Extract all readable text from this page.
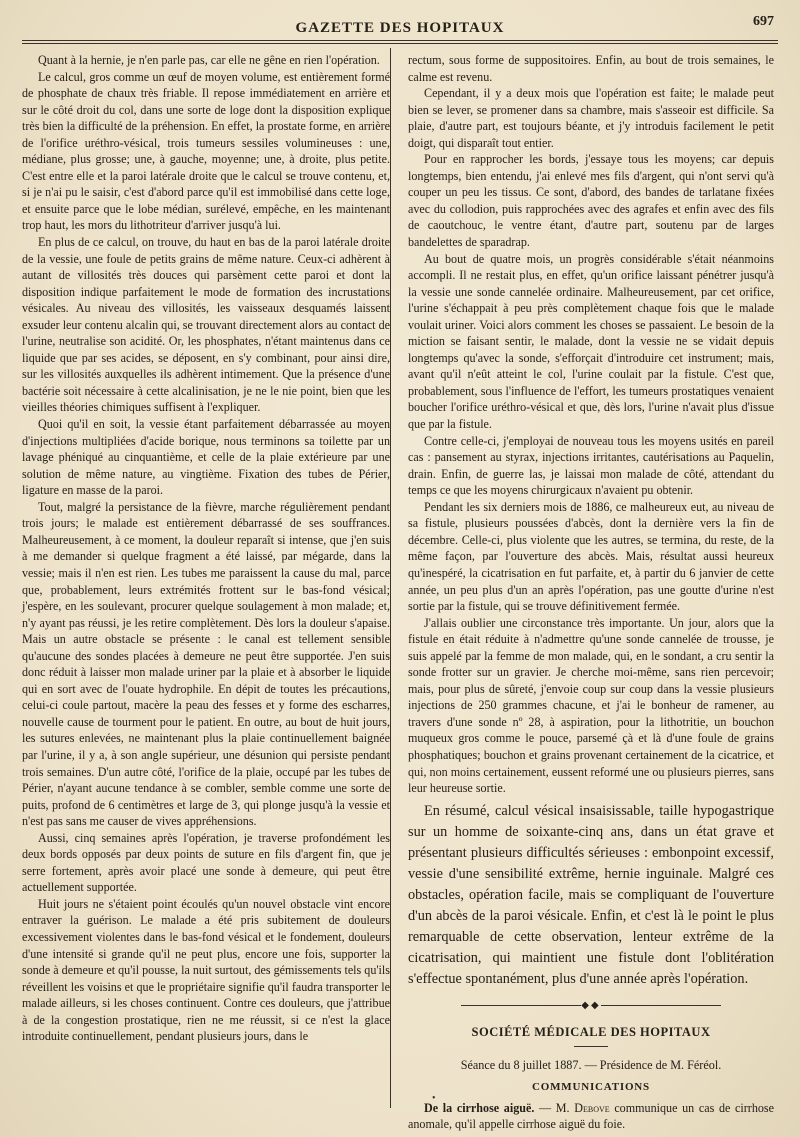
GAZETTE DES HOPITAUX	697

Quant à la hernie, je n'en parle pas, car elle ne gêne en rien l'opération.

Le calcul, gros comme un œuf de moyen volume, est entièrement formé de phosphate de chaux très friable. Il repose immédiatement en arrière et sur le côté droit du col, dans une sorte de loge dont la disposition explique très bien la difficulté de la préhension. En effet, la prostate forme, en arrière de l'orifice uréthro-vésical, trois tumeurs sessiles volumineuses : une, médiane, plus grosse; une, à gauche, moyenne; une, à droite, plus petite. C'est entre elle et la paroi latérale droite que le calcul se trouve contenu, et, si je n'ai pu le saisir, c'est d'abord parce qu'il est immobilisé dans cette loge, et ensuite parce que le lobe médian, surélevé, empêche, en les maintenant trop haut, les mors du lithotriteur d'arriver jusqu'à lui.

En plus de ce calcul, on trouve, du haut en bas de la paroi latérale droite de la vessie, une foule de petits grains de même nature. Ceux-ci adhèrent à autant de villosités très douces qui parsèment cette paroi et dont la disposition indique parfaitement le mode de formation des incrustations vésicales. Au niveau des villosités, les vaisseaux desquamés laissent exsuder leur contenu alcalin qui, se trouvant directement alors au contact de l'urine, neutralise son acidité. Or, les phosphates, n'étant maintenus dans ce liquide que par ses acides, se déposent, en s'y combinant, pour ainsi dire, sur les villosités auxquelles ils adhèrent intimement. Que la présence d'une bactérie soit nécessaire à cette alcalinisation, je ne le nie point, bien que les vieilles théories chimiques suffisent à l'expliquer.

Quoi qu'il en soit, la vessie étant parfaitement débarrassée au moyen d'injections multipliées d'acide borique, nous terminons sa toilette par un lavage phéniqué au cinquantième, et celle de la plaie extérieure par une solution de même nature, au vingtième. Fixation des tubes de Périer, ligature en masse de la paroi.

Tout, malgré la persistance de la fièvre, marche régulièrement pendant trois jours; le malade est entièrement débarrassé de ses souffrances. Malheureusement, à ce moment, la douleur reparaît si intense, que j'en suis à me demander si quelque fragment a été laissé, par mégarde, dans la vessie; mais il n'en est rien. Les tubes me paraissent la cause du mal, parce que, probablement, leurs extrémités frottent sur le bas-fond vésical; j'espère, en les soulevant, procurer quelque soulagement à mon malade; et, n'y ayant pas réussi, je les retire complètement. Dès lors la douleur s'apaise. Mais un autre obstacle se présente : le canal est tellement sensible qu'aucune des sondes placées à demeure ne peut être supportée. J'en suis donc réduit à laisser mon malade uriner par la plaie et à absorber le liquide qui en sort avec de l'ouate hydrophile. En dépit de toutes les précautions, celui-ci coule partout, macère la peau des fesses et y forme des escharres, nouvelle cause de tourment pour le patient. En outre, au bout de huit jours, les sutures enlevées, ne maintenant plus la plaie continuellement baignée par l'urine, il y a, à son angle supérieur, une désunion qui persiste pendant trois semaines. D'un autre côté, l'orifice de la plaie, occupé par les tubes de Périer, n'ayant aucune tendance à se combler, semble comme une sorte de puits, profond de 6 centimètres et large de 3, qui plonge jusqu'à la vessie et n'est pas sans me causer de vives appréhensions.

Aussi, cinq semaines après l'opération, je traverse profondément les deux bords opposés par deux points de suture en fils d'argent fin, que je serre fortement, après avoir placé une sonde à demeure, qui peut être actuellement supportée.

Huit jours ne s'étaient point écoulés qu'un nouvel obstacle vint encore entraver la guérison. Le malade a été pris subitement de douleurs excessivement violentes dans le bas-fond vésical et le fondement, douleurs d'une intensité si grande qu'il ne peut plus, encore une fois, supporter la sonde à demeure et qu'il pousse, la nuit surtout, des gémissements tels qu'ils réveillent les voisins et que le propriétaire signifie qu'il faudra transporter le malade ailleurs, si les choses continuent. Contre ces douleurs, que j'attribue à de la congestion prostatique, rien ne me réussit, si ce n'est la glace introduite continuellement, pendant plusieurs jours, dans le

rectum, sous forme de suppositoires. Enfin, au bout de trois semaines, le calme est revenu.

Cependant, il y a deux mois que l'opération est faite; le malade peut bien se lever, se promener dans sa chambre, mais s'asseoir est difficile. Sa plaie, d'autre part, est toujours béante, et j'y introduis facilement le petit doigt, qui disparaît tout entier.

Pour en rapprocher les bords, j'essaye tous les moyens; car depuis longtemps, bien entendu, j'ai enlevé mes fils d'argent, qui n'ont servi qu'à couper un peu les tissus. Ce sont, d'abord, des bandes de tarlatane fixées avec du collodion, puis rapprochées avec des agrafes et enfin avec des fils de caoutchouc, le ventre étant, d'autre part, soutenu par de larges bandelettes de sparadrap.

Au bout de quatre mois, un progrès considérable s'était néanmoins accompli. Il ne restait plus, en effet, qu'un orifice laissant pénétrer jusqu'à la vessie une sonde cannelée ordinaire. Malheureusement, par cet orifice, l'urine s'échappait à peu près complètement chaque fois que le malade voulait uriner. Voici alors comment les choses se passaient. Le besoin de la miction se faisant sentir, le malade, dont la vessie ne se vidait depuis longtemps qu'avec la sonde, s'efforçait d'introduire cet instrument; mais, avant qu'il n'eût atteint le col, l'urine coulait par la fistule. C'est que, probablement, sous l'influence de l'effort, les tumeurs prostatiques venaient boucher l'orifice uréthro-vésical et que, dès lors, l'urine n'avait plus d'issue que par la fistule.

Contre celle-ci, j'employai de nouveau tous les moyens usités en pareil cas : pansement au styrax, injections irritantes, cautérisations au Paquelin, drain. Enfin, de guerre las, je laissai mon malade de côté, attendant du temps ce que les moyens chirurgicaux n'avaient pu obtenir.

Pendant les six derniers mois de 1886, ce malheureux eut, au niveau de sa fistule, plusieurs poussées d'abcès, dont la dernière vers la fin de décembre. Celle-ci, plus violente que les autres, se termina, du reste, de la même façon, par l'ouverture des abcès. Mais, résultat aussi heureux qu'inespéré, la cicatrisation en fut parfaite, et, à partir du 6 janvier de cette année, un peu plus d'un an après l'opération, pas une goutte d'urine n'est sortie par la fistule, qui se trouve définitivement fermée.

J'allais oublier une circonstance très importante. Un jour, alors que la fistule en était réduite à n'admettre qu'une sonde cannelée de trousse, je suis appelé par la femme de mon malade, qui, en le sondant, a cru sentir la sonde frotter sur un gravier. Je cherche moi-même, sans rien percevoir; mais, pour plus de sûreté, j'envoie coup sur coup dans la vessie plusieurs injections de 250 grammes chacune, et j'ai le bonheur de ramener, au travers d'une sonde nº 28, à aspiration, pour la lithotritie, un bouchon muqueux gros comme le pouce, parsemé çà et là d'une foule de grains phosphatiques; bouchon et grains provenant certainement de la cicatrice, et qui, non moins certainement, eussent reformé une ou plusieurs pierres, sans leur heureuse sortie.

En résumé, calcul vésical insaisissable, taille hypogastrique sur un homme de soixante-cinq ans, dans un état grave et présentant plusieurs difficultés sérieuses : embonpoint excessif, vessie d'une sensibilité extrême, hernie inguinale. Malgré ces obstacles, opération facile, mais se compliquant de l'ouverture d'un abcès de la paroi vésicale. Enfin, et c'est là le point le plus remarquable de cette observation, lenteur extrême de la cicatrisation, qui maintient une fistule dont l'oblitération s'effectue spontanément, plus d'une année après l'opération.

◆◆
SOCIÉTÉ MÉDICALE DES HOPITAUX
Séance du 8 juillet 1887. — Présidence de M. Féréol.
COMMUNICATIONS

De la cirrhose aiguë. — M. Debove communique un cas de cirrhose anomale, qu'il appelle cirrhose aiguë du foie.

•
